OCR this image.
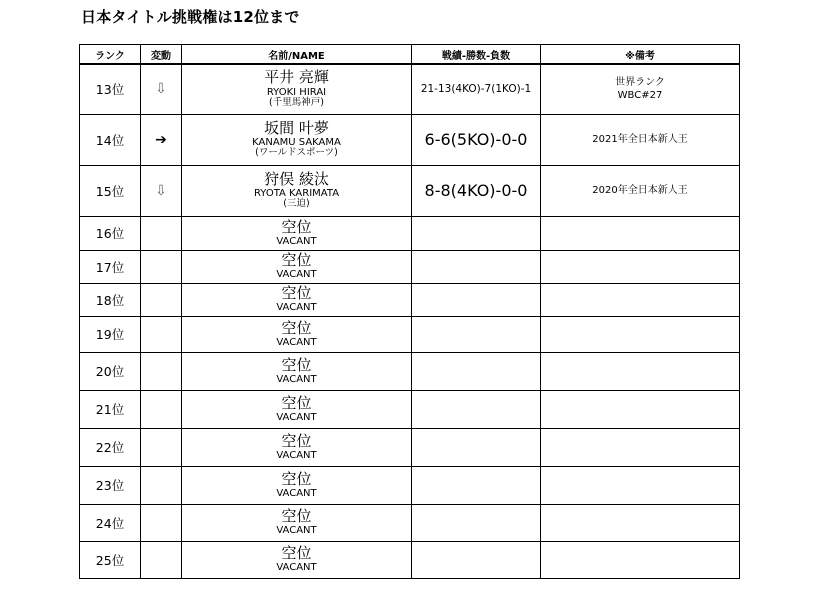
日本タイトル挑戦権は12位まで
ランク	変動	名前/NAME	戦績-勝数-負数	※備考
13位	⇩	平井 亮輝
RYOKI HIRAI
(千里馬神戸)	21-13(4KO)-7(1KO)-1	世界ランク
WBC#27

14位	➔	坂間 叶夢
KANAMU SAKAMA
(ワールドスポーツ)	6-6(5KO)-0-0	2021年全日本新人王

15位	⇩	狩俣 綾汰
RYOTA KARIMATA
(三迫)	8-8(4KO)-0-0	2020年全日本新人王

16位		空位
VACANT		

17位		空位
VACANT		

18位		空位
VACANT		

19位		空位
VACANT		

20位		空位
VACANT		

21位		空位
VACANT		

22位		空位
VACANT		

23位		空位
VACANT		

24位		空位
VACANT		

25位		空位
VACANT		
